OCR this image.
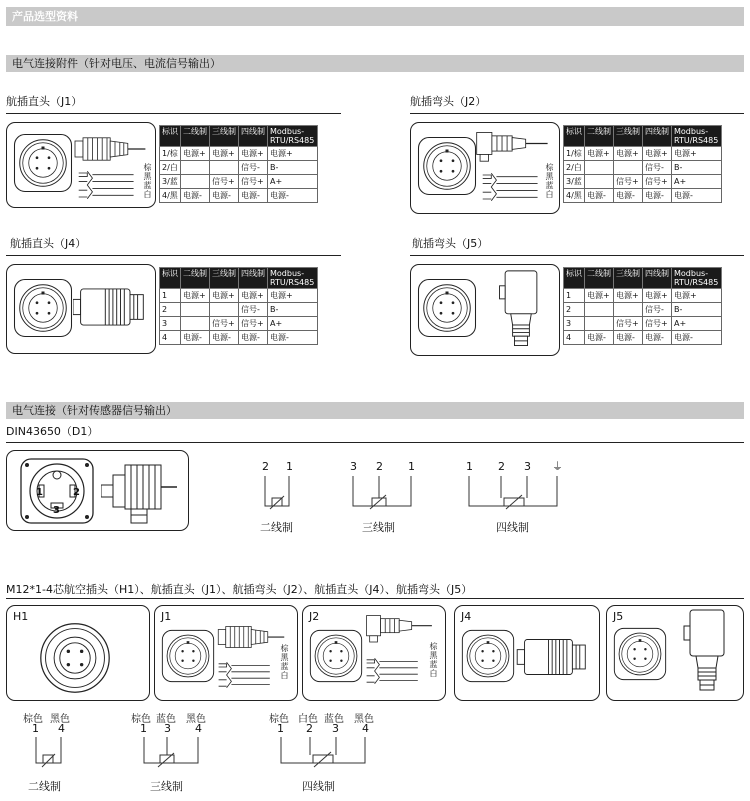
产品选型资料
电气连接附件（针对电压、电流信号输出）
航插直头（J1）
棕黑蓝白
标识	二线制	三线制	四线制	Modbus-RTU/RS485
1/棕	电源+	电源+	电源+	电源+
2/白			信号-	B-
3/蓝		信号+	信号+	A+
4/黑	电源-	电源-	电源-	电源-
航插弯头（J2）
棕黑蓝白
标识	二线制	三线制	四线制	Modbus-RTU/RS485
1/棕	电源+	电源+	电源+	电源+
2/白			信号-	B-
3/蓝		信号+	信号+	A+
4/黑	电源-	电源-	电源-	电源-
航插直头（J4）
标识	二线制	三线制	四线制	Modbus-RTU/RS485
1	电源+	电源+	电源+	电源+
2			信号-	B-
3		信号+	信号+	A+
4	电源-	电源-	电源-	电源-
航插弯头（J5）
标识	二线制	三线制	四线制	Modbus-RTU/RS485
1	电源+	电源+	电源+	电源+
2			信号-	B-
3		信号+	信号+	A+
4	电源-	电源-	电源-	电源-
电气连接（针对传感器信号输出）
DIN43650（D1）
1	2
3
2 1
二线制
3 2 1
三线制
1 2 3 ⏚
四线制
M12*1-4芯航空插头（H1）、航插直头（J1）、航插弯头（J2）、航插直头（J4）、航插弯头（J5）
H1	J1
棕黑蓝白
J2
棕黑蓝白
J4	J5
棕色 黑色
1 4
二线制
棕色 蓝色 黑色
1 3 4
三线制
棕色 白色 蓝色 黑色
1 2 3 4
四线制
